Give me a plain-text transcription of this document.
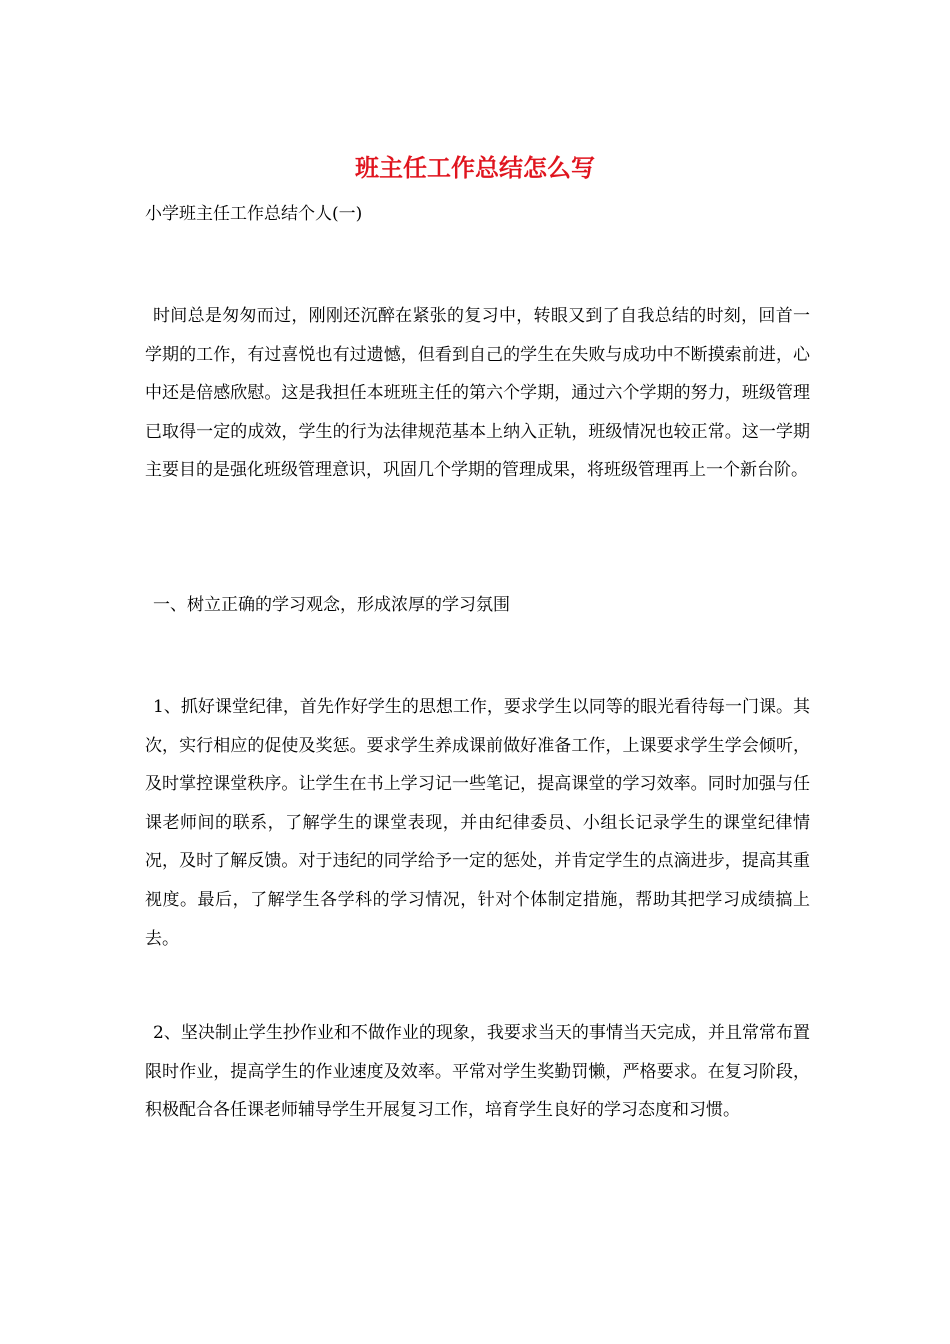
班主任工作总结怎么写

小学班主任工作总结个人(一)

时间总是匆匆而过，刚刚还沉醉在紧张的复习中，转眼又到了自我总结的时刻，回首一学期的工作，有过喜悦也有过遗憾，但看到自己的学生在失败与成功中不断摸索前进，心中还是倍感欣慰。这是我担任本班班主任的第六个学期，通过六个学期的努力，班级管理已取得一定的成效，学生的行为法律规范基本上纳入正轨，班级情况也较正常。这一学期主要目的是强化班级管理意识，巩固几个学期的管理成果，将班级管理再上一个新台阶。

一、树立正确的学习观念，形成浓厚的学习氛围

1、抓好课堂纪律，首先作好学生的思想工作，要求学生以同等的眼光看待每一门课。其次，实行相应的促使及奖惩。要求学生养成课前做好准备工作，上课要求学生学会倾听，及时掌控课堂秩序。让学生在书上学习记一些笔记，提高课堂的学习效率。同时加强与任课老师间的联系，了解学生的课堂表现，并由纪律委员、小组长记录学生的课堂纪律情况，及时了解反馈。对于违纪的同学给予一定的惩处，并肯定学生的点滴进步，提高其重视度。最后，了解学生各学科的学习情况，针对个体制定措施，帮助其把学习成绩搞上去。

2、坚决制止学生抄作业和不做作业的现象，我要求当天的事情当天完成，并且常常布置限时作业，提高学生的作业速度及效率。平常对学生奖勤罚懒，严格要求。在复习阶段，积极配合各任课老师辅导学生开展复习工作，培育学生良好的学习态度和习惯。
